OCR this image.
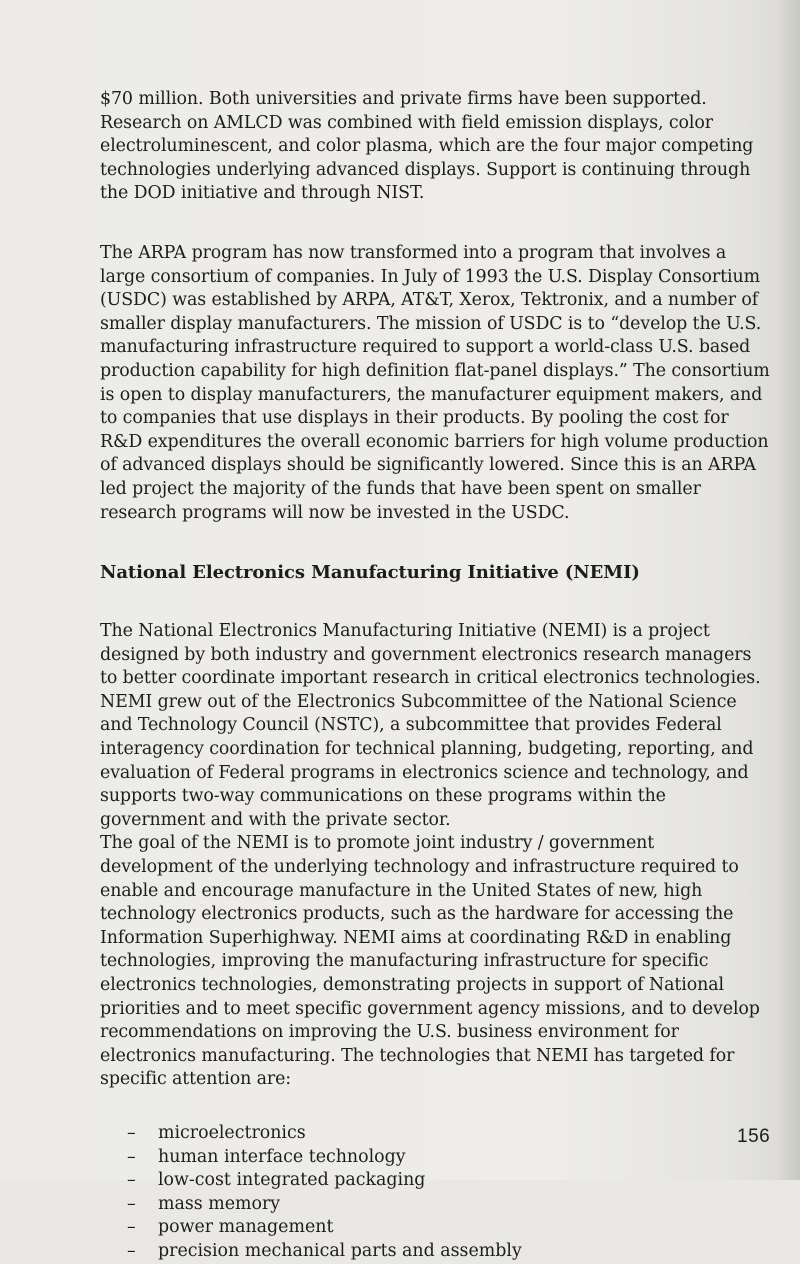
$70 million. Both universities and private firms have been supported. Research on AMLCD was combined with field emission displays, color electroluminescent, and color plasma, which are the four major competing technologies underlying advanced displays. Support is continuing through the DOD initiative and through NIST.

The ARPA program has now transformed into a program that involves a large consortium of companies. In July of 1993 the U.S. Display Consortium (USDC) was established by ARPA, AT&T, Xerox, Tektronix, and a number of smaller display manufacturers. The mission of USDC is to “develop the U.S. manufacturing infrastructure required to support a world-class U.S. based production capability for high definition flat-panel displays.” The consortium is open to display manufacturers, the manufacturer equipment makers, and to companies that use displays in their products. By pooling the cost for R&D expenditures the overall economic barriers for high volume production of advanced displays should be significantly lowered. Since this is an ARPA led project the majority of the funds that have been spent on smaller research programs will now be invested in the USDC.

National Electronics Manufacturing Initiative (NEMI)

The National Electronics Manufacturing Initiative (NEMI) is a project designed by both industry and government electronics research managers to better coordinate important research in critical electronics technologies. NEMI grew out of the Electronics Subcommittee of the National Science and Technology Council (NSTC), a subcommittee that provides Federal interagency coordination for technical planning, budgeting, reporting, and evaluation of Federal programs in electronics science and technology, and supports two-way communications on these programs within the government and with the private sector.

The goal of the NEMI is to promote joint industry / government development of the underlying technology and infrastructure required to enable and encourage manufacture in the United States of new, high technology electronics products, such as the hardware for accessing the Information Superhighway. NEMI aims at coordinating R&D in enabling technologies, improving the manufacturing infrastructure for specific electronics technologies, demonstrating projects in support of National priorities and to meet specific government agency missions, and to develop recommendations on improving the U.S. business environment for electronics manufacturing. The technologies that NEMI has targeted for specific attention are:

–	microelectronics
–	human interface technology
–	low-cost integrated packaging
–	mass memory
–	power management
–	precision mechanical parts and assembly
156
